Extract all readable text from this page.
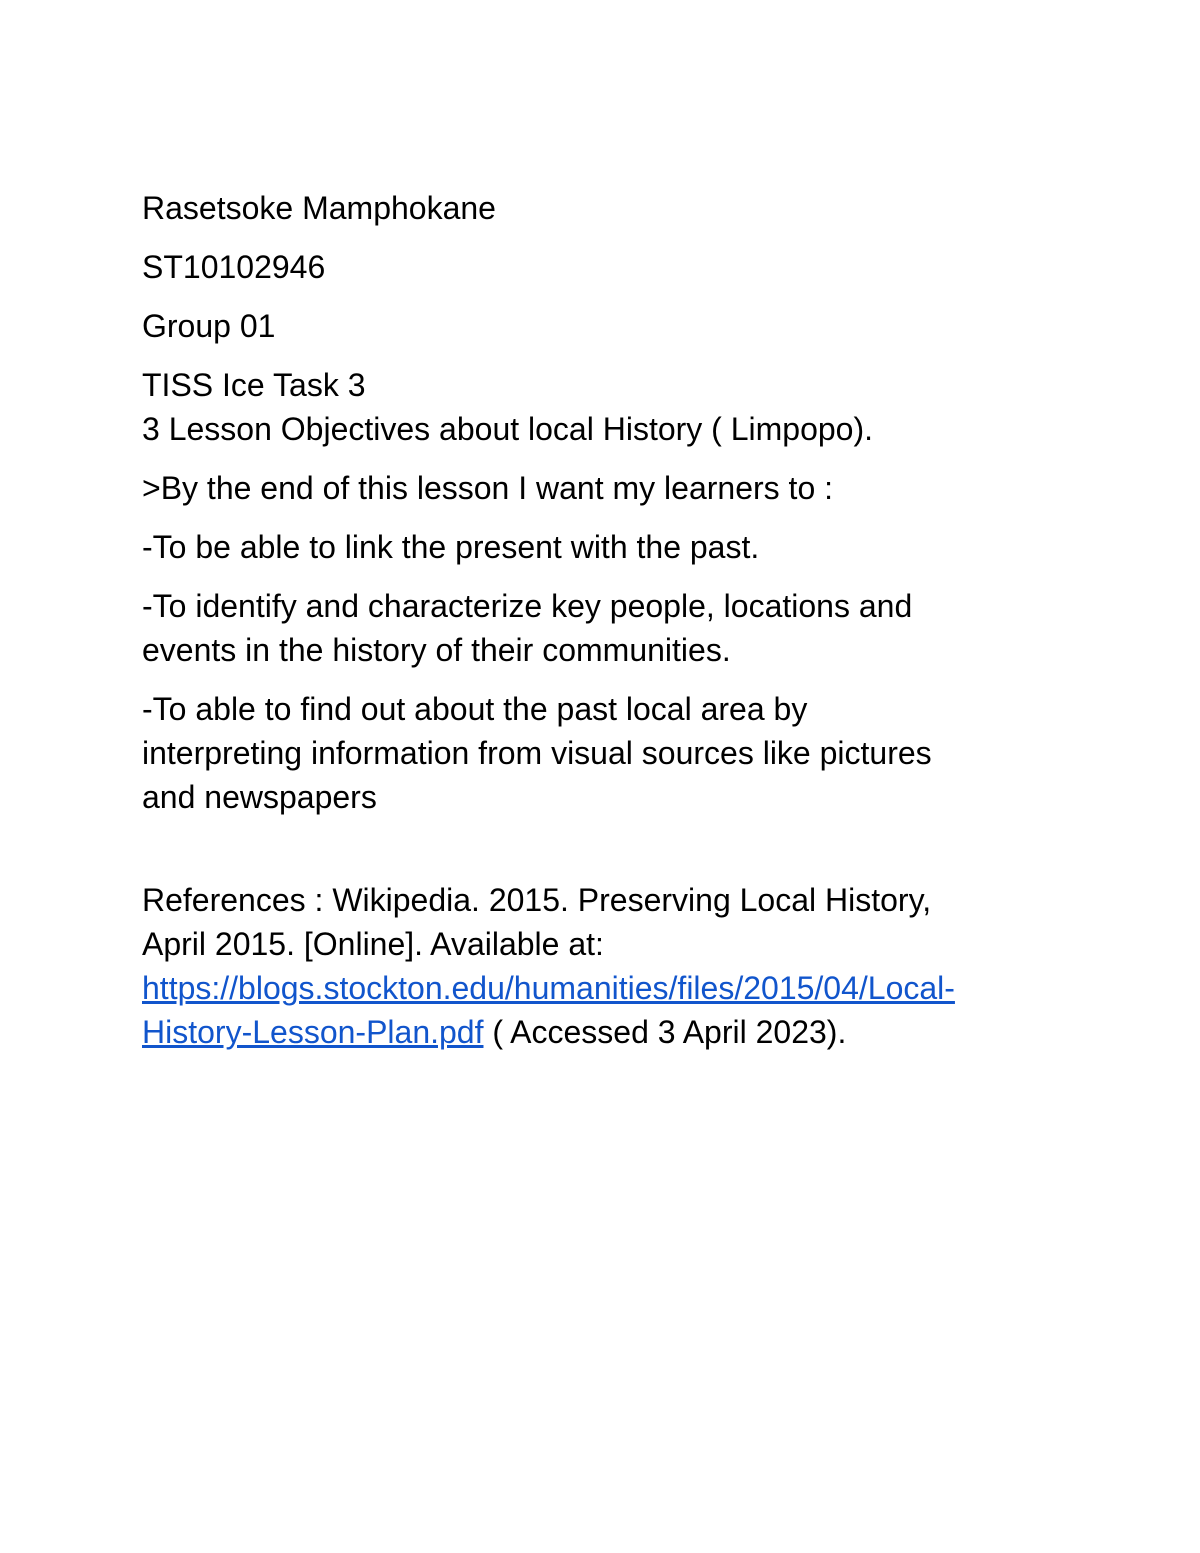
Rasetsoke Mamphokane

ST10102946

Group 01

TISS Ice Task 3

3 Lesson Objectives about local History ( Limpopo).

>By the end of this lesson I want my learners to :

-To be able to link the present with the past.

-To identify and characterize key people, locations and
events in the history of their communities.

-To able to find out about the past local area by
interpreting information from visual sources like pictures
and newspapers

References : Wikipedia. 2015. Preserving Local History,
April 2015. [Online]. Available at:
https://blogs.stockton.edu/humanities/files/2015/04/Local-
History-Lesson-Plan.pdf ( Accessed 3 April 2023).
